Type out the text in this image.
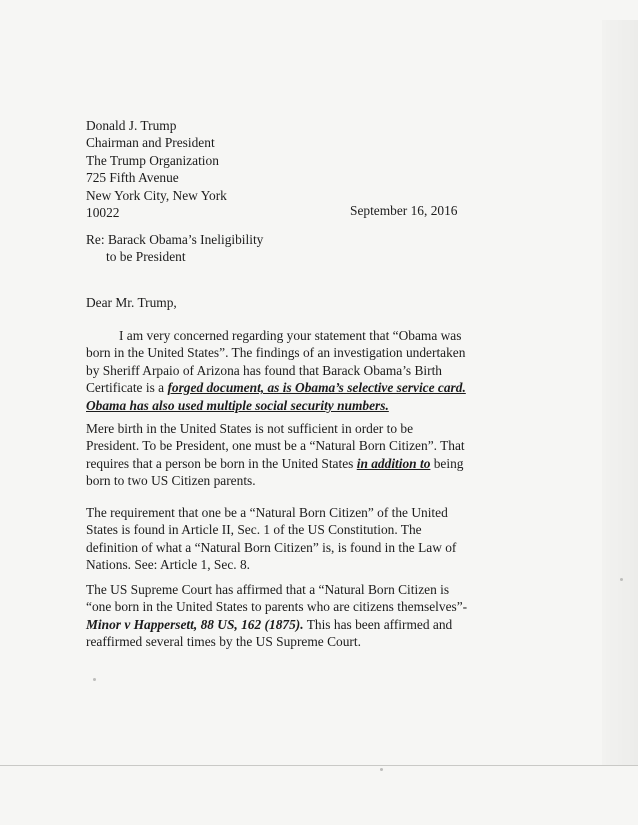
Donald J. Trump
Chairman and President
The Trump Organization
725 Fifth Avenue
New York City, New York
10022	September 16, 2016
Re: Barack Obama’s Ineligibility
to be President
Dear Mr. Trump,
I am very concerned regarding your statement that “Obama was
born in the United States”. The findings of an investigation undertaken
by Sheriff Arpaio of Arizona has found that Barack Obama’s Birth
Certificate is a forged document, as is Obama’s selective service card.
Obama has also used multiple social security numbers.
Mere birth in the United States is not sufficient in order to be
President. To be President, one must be a “Natural Born Citizen”. That
requires that a person be born in the United States in addition to being
born to two US Citizen parents.
The requirement that one be a “Natural Born Citizen” of the United
States is found in Article II, Sec. 1 of the US Constitution. The
definition of what a “Natural Born Citizen” is, is found in the Law of
Nations. See: Article 1, Sec. 8.
The US Supreme Court has affirmed that a “Natural Born Citizen is
“one born in the United States to parents who are citizens themselves”-
Minor v Happersett, 88 US, 162 (1875). This has been affirmed and
reaffirmed several times by the US Supreme Court.
